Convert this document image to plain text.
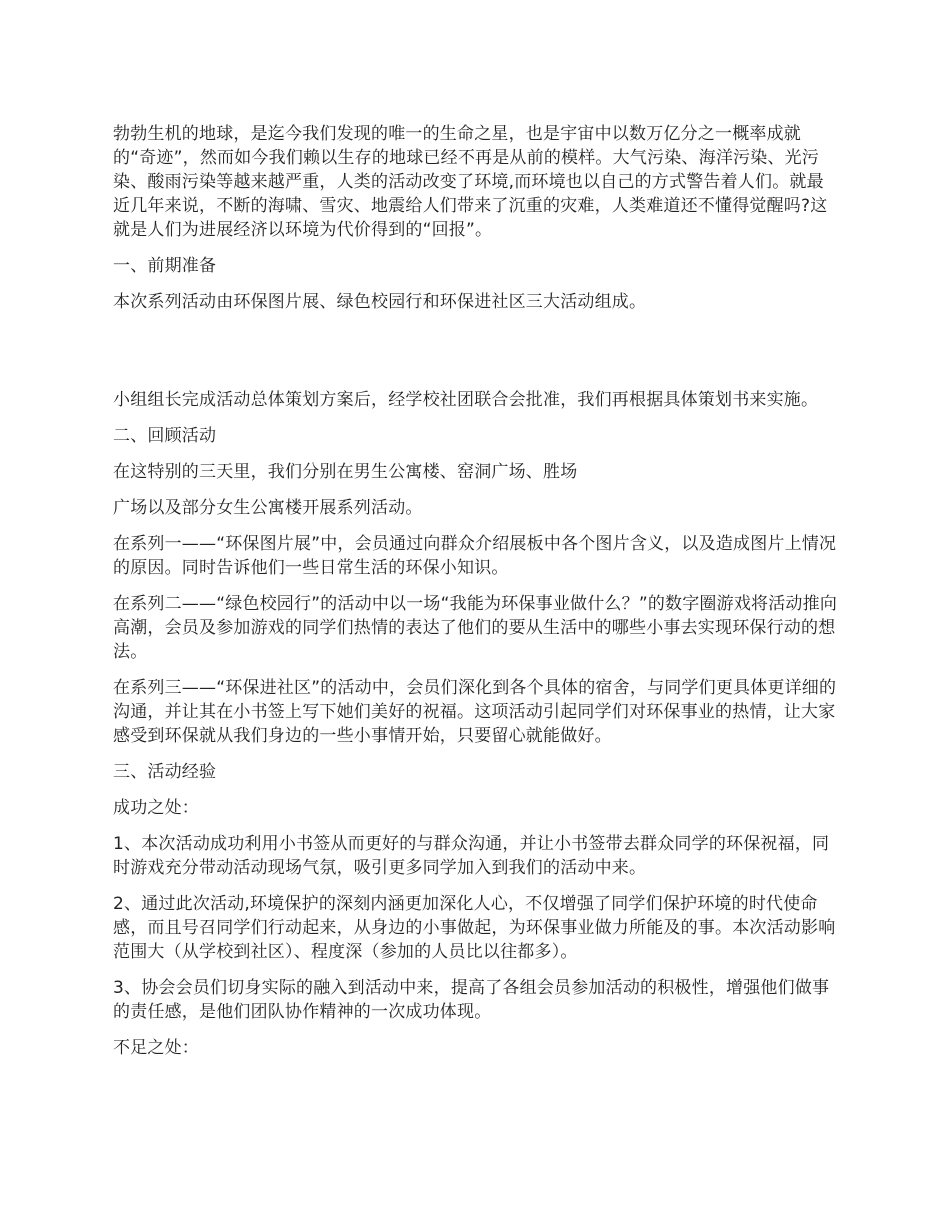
勃勃生机的地球，是迄今我们发现的唯一的生命之星，也是宇宙中以数万亿分之一概率成就的“奇迹”，然而如今我们赖以生存的地球已经不再是从前的模样。大气污染、海洋污染、光污染、酸雨污染等越来越严重，人类的活动改变了环境,而环境也以自己的方式警告着人们。就最近几年来说，不断的海啸、雪灾、地震给人们带来了沉重的灾难，人类难道还不懂得觉醒吗?这就是人们为进展经济以环境为代价得到的“回报”。

一、前期准备

本次系列活动由环保图片展、绿色校园行和环保进社区三大活动组成。

小组组长完成活动总体策划方案后，经学校社团联合会批准，我们再根据具体策划书来实施。

二、回顾活动

在这特别的三天里，我们分别在男生公寓楼、窑洞广场、胜场

广场以及部分女生公寓楼开展系列活动。

在系列一——“环保图片展”中，会员通过向群众介绍展板中各个图片含义，以及造成图片上情况的原因。同时告诉他们一些日常生活的环保小知识。

在系列二——“绿色校园行”的活动中以一场“我能为环保事业做什么？”的数字圈游戏将活动推向高潮，会员及参加游戏的同学们热情的表达了他们的要从生活中的哪些小事去实现环保行动的想法。

在系列三——“环保进社区”的活动中，会员们深化到各个具体的宿舍，与同学们更具体更详细的沟通，并让其在小书签上写下她们美好的祝福。这项活动引起同学们对环保事业的热情，让大家感受到环保就从我们身边的一些小事情开始，只要留心就能做好。

三、活动经验

成功之处：

1、本次活动成功利用小书签从而更好的与群众沟通，并让小书签带去群众同学的环保祝福，同时游戏充分带动活动现场气氛，吸引更多同学加入到我们的活动中来。

2、通过此次活动,环境保护的深刻内涵更加深化人心，不仅增强了同学们保护环境的时代使命感，而且号召同学们行动起来，从身边的小事做起，为环保事业做力所能及的事。本次活动影响范围大（从学校到社区）、程度深（参加的人员比以往都多）。

3、协会会员们切身实际的融入到活动中来，提高了各组会员参加活动的积极性，增强他们做事的责任感，是他们团队协作精神的一次成功体现。

不足之处：
